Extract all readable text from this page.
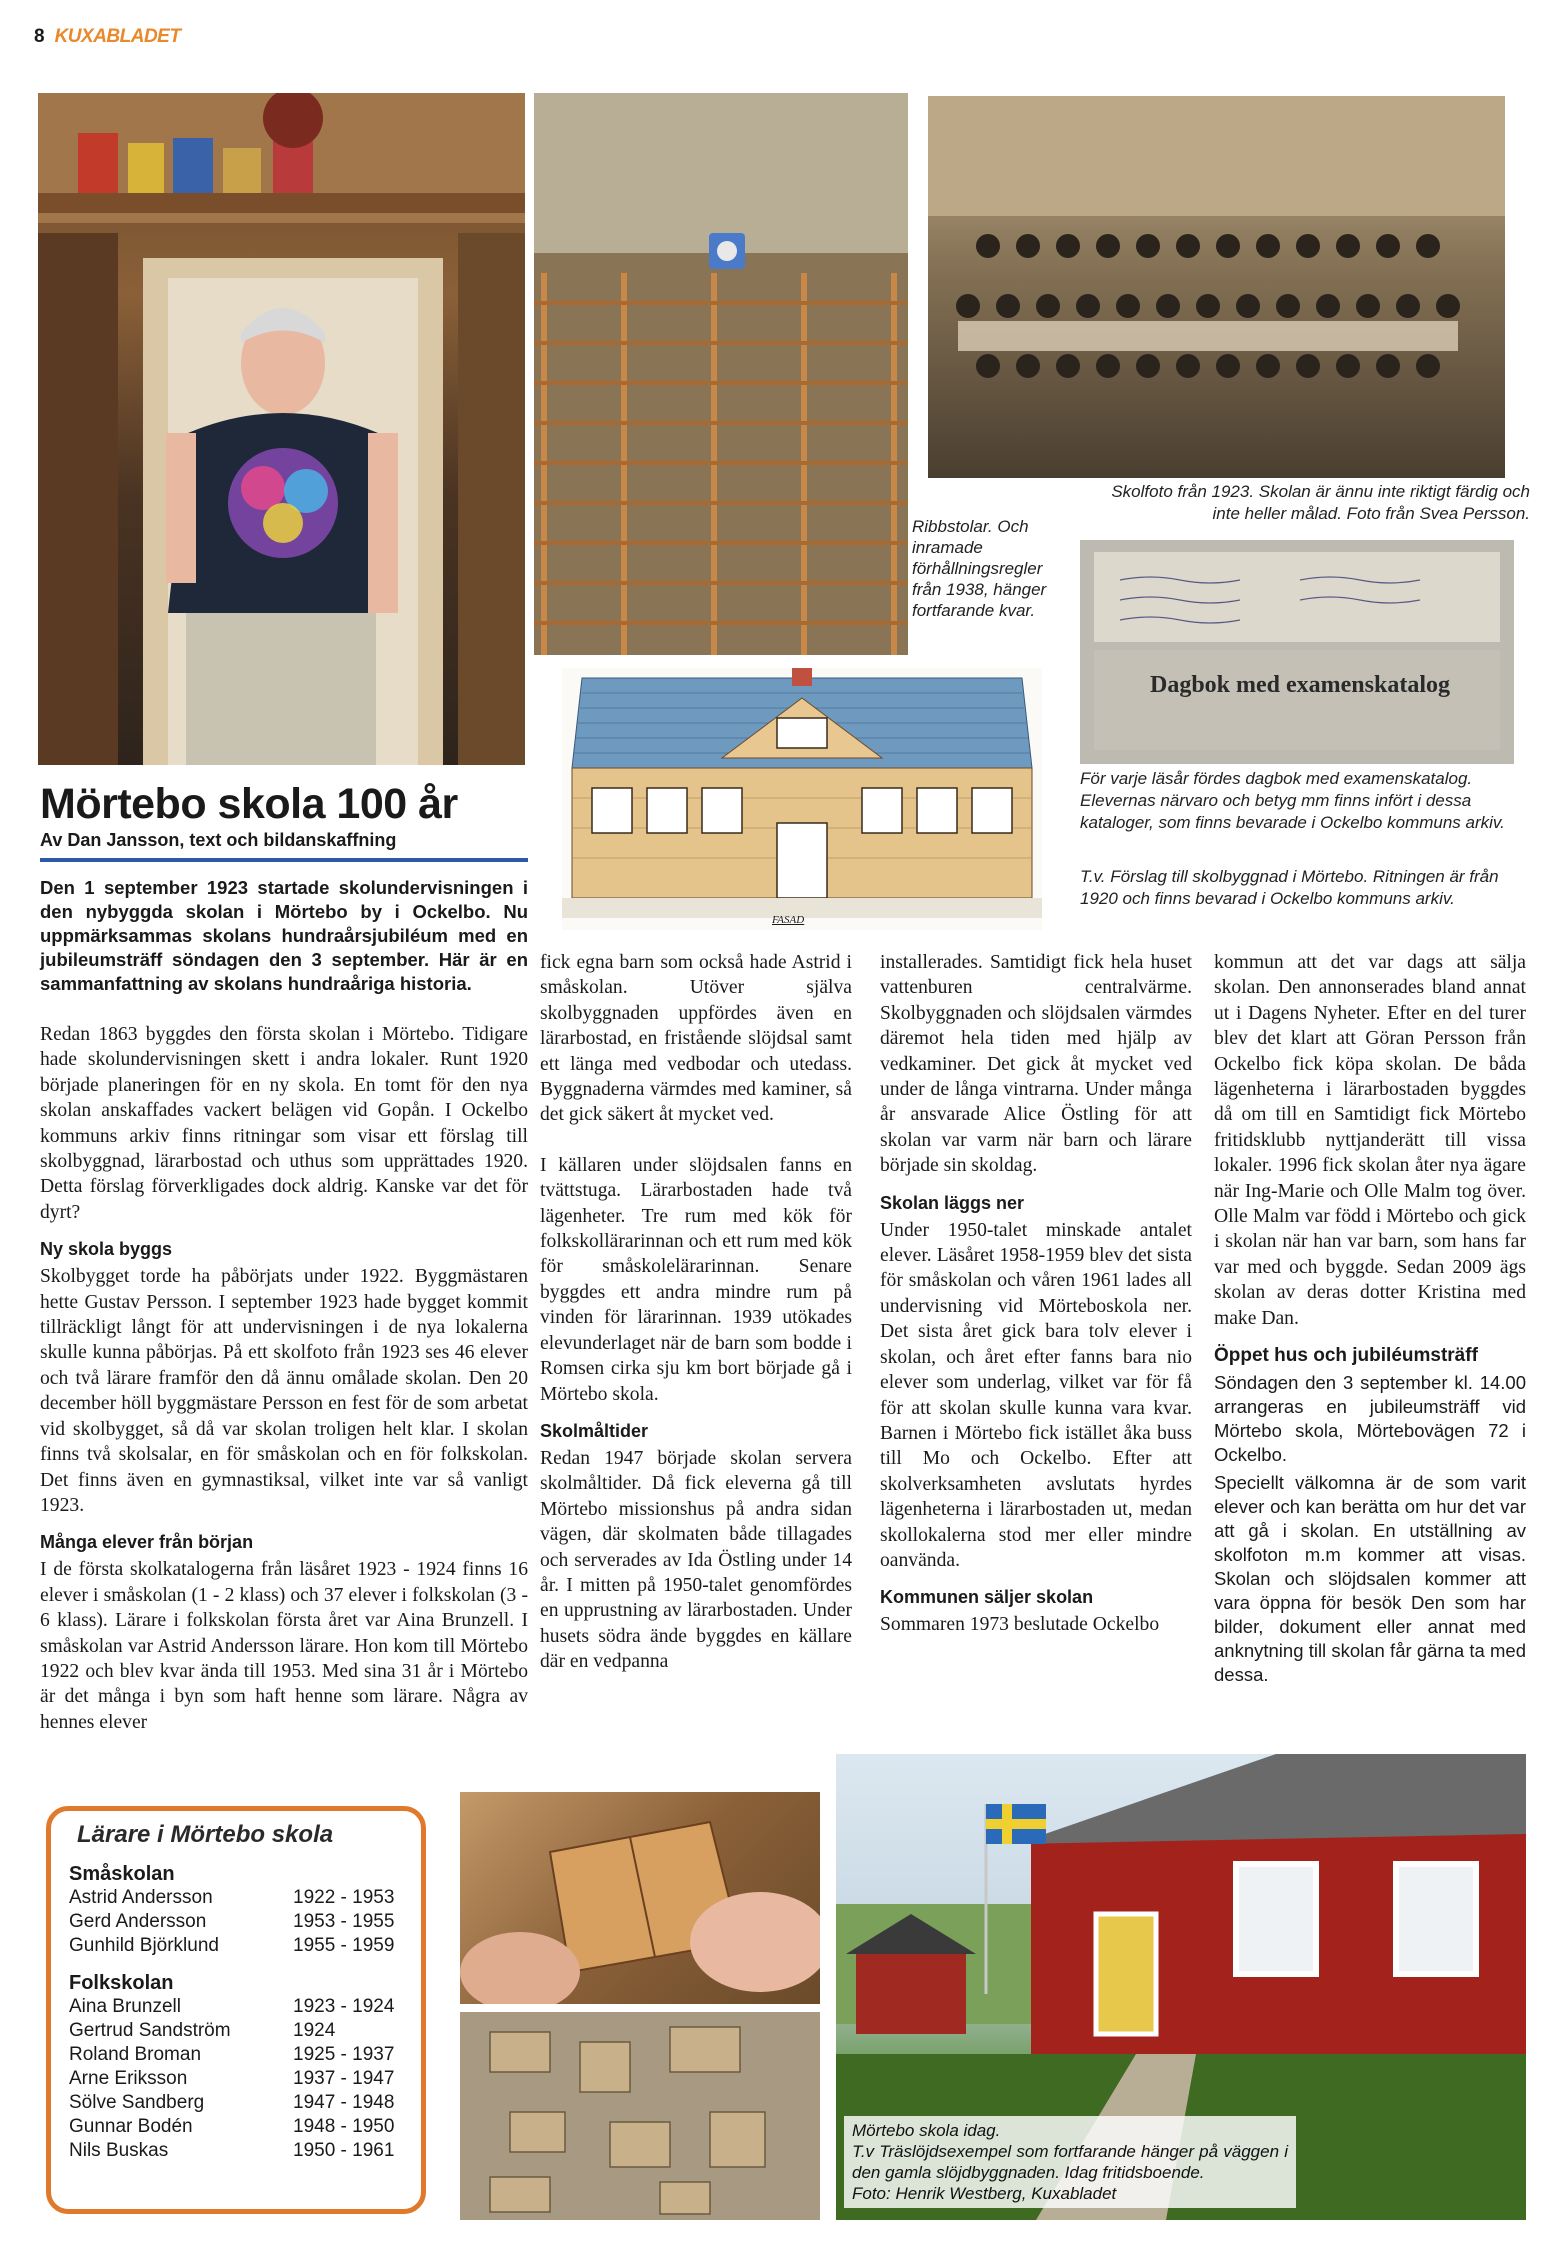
8 KUXABLADET
Ribbstolar. Och inramade förhållningsregler från 1938, hänger fortfarande kvar.
Skolfoto från 1923. Skolan är ännu inte riktigt färdig och inte heller målad. Foto från Svea Persson.
Dagbok med examenskatalog
För varje läsår fördes dagbok med examenskatalog. Elevernas närvaro och betyg mm finns infört i dessa kataloger, som finns bevarade i Ockelbo kommuns arkiv.
FASAD
T.v. Förslag till skolbyggnad i Mörtebo. Ritningen är från 1920 och finns bevarad i Ockelbo kommuns arkiv.
Mörtebo skola 100 år
Av Dan Jansson, text och bildanskaffning

Den 1 september 1923 startade skolundervisningen i den nybyggda skolan i Mörtebo by i Ockelbo. Nu uppmärksammas skolans hundraårsjubiléum med en jubileumsträff söndagen den 3 september. Här är en sammanfattning av skolans hundraåriga historia.

Redan 1863 byggdes den första skolan i Mörtebo. Tidigare hade skolundervisningen skett i andra lokaler. Runt 1920 började planeringen för en ny skola. En tomt för den nya skolan anskaffades vackert belägen vid Gopån. I Ockelbo kommuns arkiv finns ritningar som visar ett förslag till skolbyggnad, lärarbostad och uthus som upprättades 1920. Detta förslag förverkligades dock aldrig. Kanske var det för dyrt?

Ny skola byggs

Skolbygget torde ha påbörjats under 1922. Byggmästaren hette Gustav Persson. I september 1923 hade bygget kommit tillräckligt långt för att undervisningen i de nya lokalerna skulle kunna påbörjas. På ett skolfoto från 1923 ses 46 elever och två lärare framför den då ännu omålade skolan. Den 20 december höll byggmästare Persson en fest för de som arbetat vid skolbygget, så då var skolan troligen helt klar. I skolan finns två skolsalar, en för småskolan och en för folkskolan. Det finns även en gymnastiksal, vilket inte var så vanligt 1923.

Många elever från början

I de första skolkatalogerna från läsåret 1923 - 1924 finns 16 elever i småskolan (1 - 2 klass) och 37 elever i folkskolan (3 - 6 klass). Lärare i folkskolan första året var Aina Brunzell. I småskolan var Astrid Andersson lärare. Hon kom till Mörtebo 1922 och blev kvar ända till 1953. Med sina 31 år i Mörtebo är det många i byn som haft henne som lärare. Några av hennes elever

fick egna barn som också hade Astrid i småskolan. Utöver själva skolbyggnaden uppfördes även en lärarbostad, en fristående slöjdsal samt ett länga med vedbodar och utedass. Byggnaderna värmdes med kaminer, så det gick säkert åt mycket ved.

I källaren under slöjdsalen fanns en tvättstuga. Lärarbostaden hade två lägenheter. Tre rum med kök för folkskollärarinnan och ett rum med kök för småskolelärarinnan. Senare byggdes ett andra mindre rum på vinden för lärarinnan. 1939 utökades elevunderlaget när de barn som bodde i Romsen cirka sju km bort började gå i Mörtebo skola.

Skolmåltider

Redan 1947 började skolan servera skolmåltider. Då fick eleverna gå till Mörtebo missionshus på andra sidan vägen, där skolmaten både tillagades och serverades av Ida Östling under 14 år. I mitten på 1950-talet genomfördes en upprustning av lärarbostaden. Under husets södra ände byggdes en källare där en vedpanna

installerades. Samtidigt fick hela huset vattenburen centralvärme. Skolbyggnaden och slöjdsalen värmdes däremot hela tiden med hjälp av vedkaminer. Det gick åt mycket ved under de långa vintrarna. Under många år ansvarade Alice Östling för att skolan var varm när barn och lärare började sin skoldag.

Skolan läggs ner

Under 1950-talet minskade antalet elever. Läsåret 1958-1959 blev det sista för småskolan och våren 1961 lades all undervisning vid Mörteboskola ner. Det sista året gick bara tolv elever i skolan, och året efter fanns bara nio elever som underlag, vilket var för få för att skolan skulle kunna vara kvar. Barnen i Mörtebo fick istället åka buss till Mo och Ockelbo. Efter att skolverksamheten avslutats hyrdes lägenheterna i lärarbostaden ut, medan skollokalerna stod mer eller mindre oanvända.

Kommunen säljer skolan

Sommaren 1973 beslutade Ockelbo

kommun att det var dags att sälja skolan. Den annonserades bland annat ut i Dagens Nyheter. Efter en del turer blev det klart att Göran Persson från Ockelbo fick köpa skolan. De båda lägenheterna i lärarbostaden byggdes då om till en Samtidigt fick Mörtebo fritidsklubb nyttjanderätt till vissa lokaler. 1996 fick skolan åter nya ägare när Ing-Marie och Olle Malm tog över. Olle Malm var född i Mörtebo och gick i skolan när han var barn, som hans far var med och byggde. Sedan 2009 ägs skolan av deras dotter Kristina med make Dan.

Öppet hus och jubiléumsträff

Söndagen den 3 september kl. 14.00 arrangeras en jubileumsträff vid Mörtebo skola, Mörtebovägen 72 i Ockelbo.

Speciellt välkomna är de som varit elever och kan berätta om hur det var att gå i skolan. En utställning av skolfoton m.m kommer att visas. Skolan och slöjdsalen kommer att vara öppna för besök Den som har bilder, dokument eller annat med anknytning till skolan får gärna ta med dessa.

Lärare i Mörtebo skola
Småskolan
Astrid Andersson	1922 - 1953
Gerd Andersson	1953 - 1955
Gunhild Björklund	1955 - 1959
Folkskolan
Aina Brunzell	1923 - 1924
Gertrud Sandström	1924
Roland Broman	1925 - 1937
Arne Eriksson	1937 - 1947
Sölve Sandberg	1947 - 1948
Gunnar Bodén	1948 - 1950
Nils Buskas	1950 - 1961
Mörtebo skola idag.
T.v Träslöjdsexempel som fortfarande hänger på väggen i den gamla slöjdbyggnaden. Idag fritidsboende.
Foto: Henrik Westberg, Kuxabladet
